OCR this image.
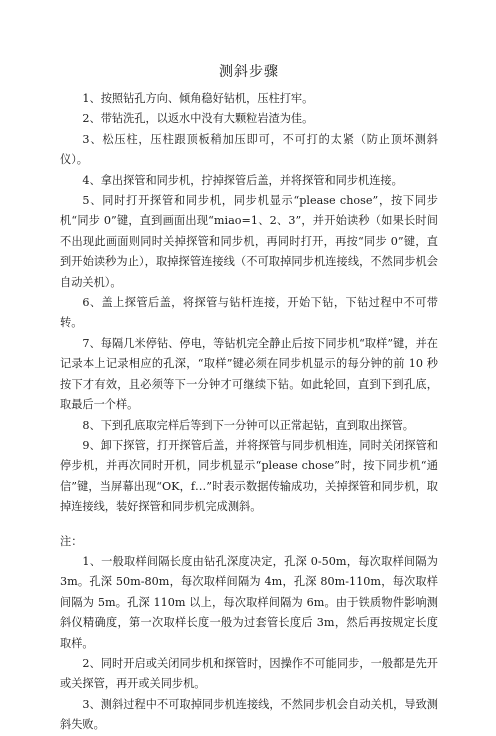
测斜步骤

1、按照钻孔方向、倾角稳好钻机，压柱打牢。

2、带钻洗孔，以返水中没有大颗粒岩渣为佳。

3、松压柱，压柱跟顶板稍加压即可，不可打的太紧（防止顶坏测斜仪）。

4、拿出探管和同步机，拧掉探管后盖，并将探管和同步机连接。

5、同时打开探管和同步机，同步机显示“please chose”，按下同步机“同步 0”键，直到画面出现“miao=1、2、3”，并开始读秒（如果长时间不出现此画面则同时关掉探管和同步机，再同时打开，再按“同步 0”键，直到开始读秒为止），取掉探管连接线（不可取掉同步机连接线，不然同步机会自动关机）。

6、盖上探管后盖，将探管与钻杆连接，开始下钻，下钻过程中不可带转。

7、每隔几米停钻、停电，等钻机完全静止后按下同步机“取样”键，并在记录本上记录相应的孔深，“取样”键必须在同步机显示的每分钟的前 10 秒按下才有效，且必须等下一分钟才可继续下钻。如此轮回，直到下到孔底，取最后一个样。

8、下到孔底取完样后等到下一分钟可以正常起钻，直到取出探管。

9、卸下探管，打开探管后盖，并将探管与同步机相连，同时关闭探管和停步机，并再次同时开机，同步机显示“please chose”时，按下同步机“通信”键，当屏幕出现“OK，f…”时表示数据传输成功，关掉探管和同步机，取掉连接线，装好探管和同步机完成测斜。

注：

1、一般取样间隔长度由钻孔深度决定，孔深 0-50m，每次取样间隔为 3m。孔深 50m-80m，每次取样间隔为 4m，孔深 80m-110m，每次取样间隔为 5m。孔深 110m 以上，每次取样间隔为 6m。由于铁质物件影响测斜仪精确度，第一次取样长度一般为过套管长度后 3m，然后再按规定长度取样。

2、同时开启或关闭同步机和探管时，因操作不可能同步，一般都是先开或关探管，再开或关同步机。

3、测斜过程中不可取掉同步机连接线，不然同步机会自动关机，导致测斜失败。
